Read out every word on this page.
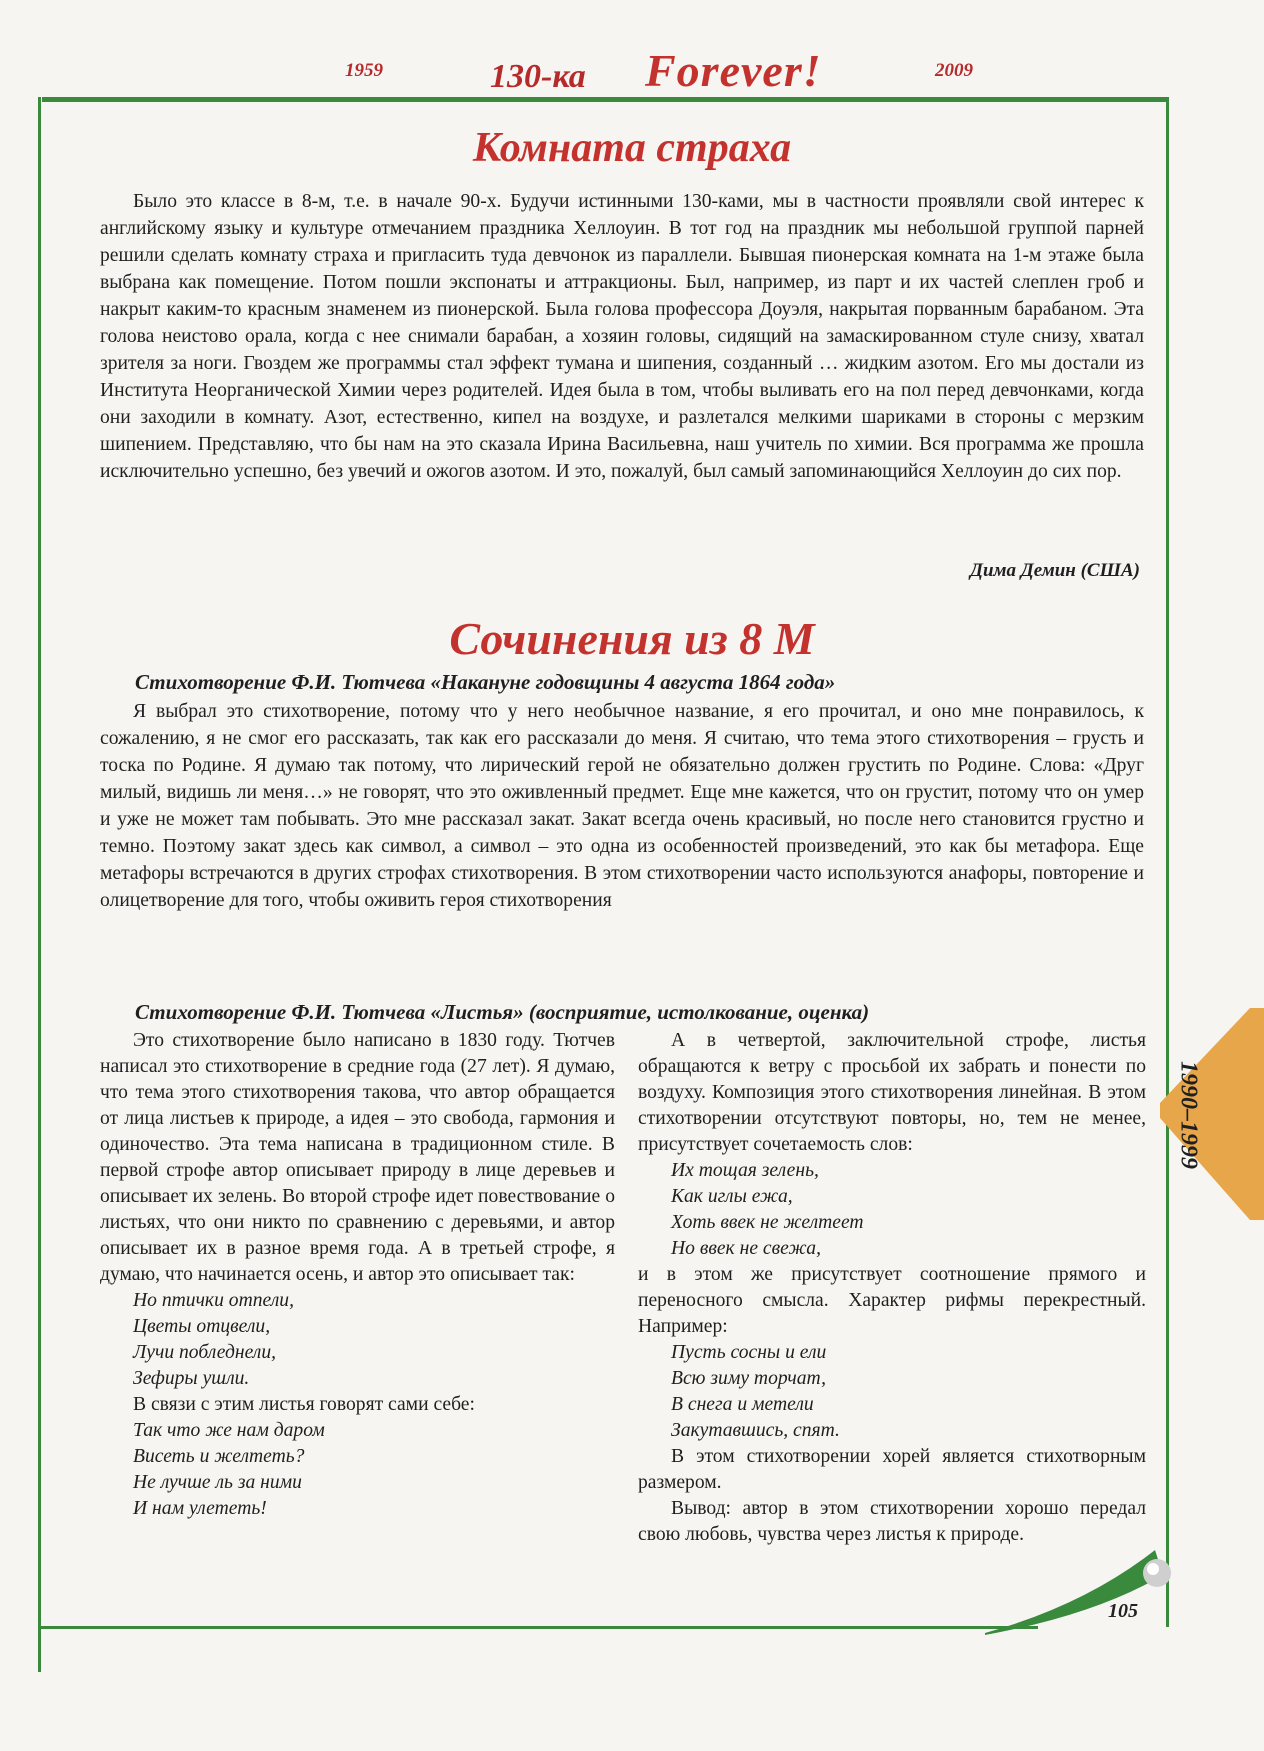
1959	130-ка Forever!	2009
Комната страха

Было это классе в 8-м, т.е. в начале 90-х. Будучи истинными 130-ками, мы в частности проявляли свой интерес к английскому языку и культуре отмечанием праздника Хеллоуин. В тот год на праздник мы небольшой группой парней решили сделать комнату страха и пригласить туда девчонок из параллели. Бывшая пионерская комната на 1-м этаже была выбрана как помещение. Потом пошли экспонаты и аттракционы. Был, например, из парт и их частей слеплен гроб и накрыт каким-то красным знаменем из пионерской. Была голова профессора Доуэля, накрытая порванным барабаном. Эта голова неистово орала, когда с нее снимали барабан, а хозяин головы, сидящий на замаскированном стуле снизу, хватал зрителя за ноги. Гвоздем же программы стал эффект тумана и шипения, созданный … жидким азотом. Его мы достали из Института Неорганической Химии через родителей. Идея была в том, чтобы выливать его на пол перед девчонками, когда они заходили в комнату. Азот, естественно, кипел на воздухе, и разлетался мелкими шариками в стороны с мерзким шипением. Представляю, что бы нам на это сказала Ирина Васильевна, наш учитель по химии. Вся программа же прошла исключительно успешно, без увечий и ожогов азотом. И это, пожалуй, был самый запоминающийся Хеллоуин до сих пор.

Дима Демин (США)
Сочинения из 8 М
Стихотворение Ф.И. Тютчева «Накануне годовщины 4 августа 1864 года»

Я выбрал это стихотворение, потому что у него необычное название, я его прочитал, и оно мне понравилось, к сожалению, я не смог его рассказать, так как его рассказали до меня. Я считаю, что тема этого стихотворения – грусть и тоска по Родине. Я думаю так потому, что лирический герой не обязательно должен грустить по Родине. Слова: «Друг милый, видишь ли меня…» не говорят, что это оживленный предмет. Еще мне кажется, что он грустит, потому что он умер и уже не может там побывать. Это мне рассказал закат. Закат всегда очень красивый, но после него становится грустно и темно. Поэтому закат здесь как символ, а символ – это одна из особенностей произведений, это как бы метафора. Еще метафоры встречаются в других строфах стихотворения. В этом стихотворении часто используются анафоры, повторение и олицетворение для того, чтобы оживить героя стихотворения

Стихотворение Ф.И. Тютчева «Листья» (восприятие, истолкование, оценка)

Это стихотворение было написано в 1830 году. Тютчев написал это стихотворение в средние года (27 лет). Я думаю, что тема этого стихотворения такова, что автор обращается от лица листьев к природе, а идея – это свобода, гармония и одиночество. Эта тема написана в традиционном стиле. В первой строфе автор описывает природу в лице деревьев и описывает их зелень. Во второй строфе идет повествование о листьях, что они никто по сравнению с деревьями, и автор описывает их в разное время года. А в третьей строфе, я думаю, что начинается осень, и автор это описывает так:

Но птички отпели,
Цветы отцвели,
Лучи побледнели,
Зефиры ушли.

В связи с этим листья говорят сами себе:

Так что же нам даром
Висеть и желтеть?
Не лучше ль за ними
И нам улететь!

А в четвертой, заключительной строфе, листья обращаются к ветру с просьбой их забрать и понести по воздуху. Композиция этого стихотворения линейная. В этом стихотворении отсутствуют повторы, но, тем не менее, присутствует сочетаемость слов:

Их тощая зелень,
Как иглы ежа,
Хоть ввек не желтеет
Но ввек не свежа,

и в этом же присутствует соотношение прямого и переносного смысла. Характер рифмы перекрестный. Например:

Пусть сосны и ели
Всю зиму торчат,
В снега и метели
Закутавшись, спят.

В этом стихотворении хорей является стихотворным размером.

Вывод: автор в этом стихотворении хорошо передал свою любовь, чувства через листья к природе.

1990–1999
105
